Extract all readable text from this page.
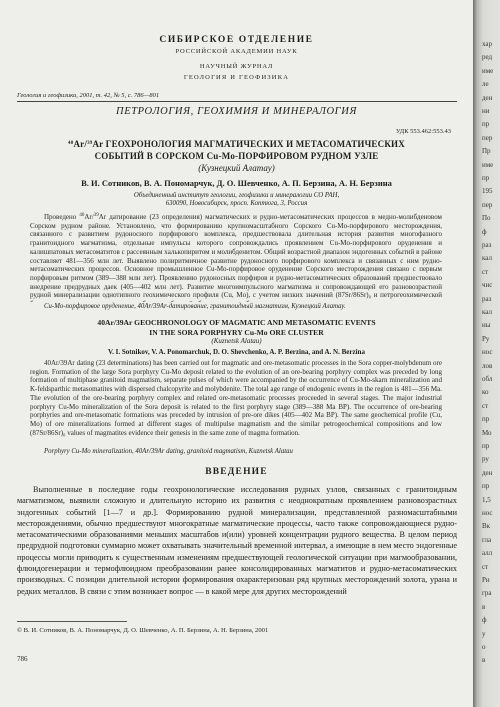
СИБИРСКОЕ ОТДЕЛЕНИЕ
РОССИЙСКОЙ АКАДЕМИИ НАУК
НАУЧНЫЙ ЖУРНАЛ
ГЕОЛОГИЯ И ГЕОФИЗИКА
Геология и геофизика, 2001, т. 42, № 5, с. 786—801
ПЕТРОЛОГИЯ, ГЕОХИМИЯ И МИНЕРАЛОГИЯ
УДК 553.462:553.43
$^{40}$Ar/$^{39}$Ar ГЕОХРОНОЛОГИЯ МАГМАТИЧЕСКИХ И МЕТАСОМАТИЧЕСКИХ
СОБЫТИЙ В СОРСКОМ Cu-Mo-ПОРФИРОВОМ РУДНОМ УЗЛЕ
(Кузнецкий Алатау)
В. И. Сотников, В. А. Пономарчук, Д. О. Шевченко, А. П. Берзина, А. Н. Берзина
Объединенный институт геологии, геофизики и минералогии СО РАН,
630090, Новосибирск, просп. Коптюга, 3, Россия

Проведено $^{40}$Ar/$^{39}$Ar датирование (23 определения) магматических и рудно-метасоматических процессов в медно-молибденовом Сорском рудном районе. Установлено, что формированию крупномасштабного Сорского Cu-Mo-порфирового месторождения, связанного с развитием рудоносного порфирового комплекса, предшествовала длительная история развития многофазного гранитоидного магматизма, отдельные импульсы которого сопровождались проявлением Cu-Mo-порфирового оруденения и калишпатовых метасоматитов с рассеянным халькопиритом и молибденитом. Общий возрастной диапазон эндогенных событий в районе составляет 481—356 млн лет. Выявлено полиритмичное развитие рудоносного порфирового комплекса и связанных с ним рудно-метасоматических процессов. Основное промышленное Cu-Mo-порфировое оруденение Сорского месторождения связано с первым порфировым ритмом (389—388 млн лет). Проявлению рудоносных порфиров и рудно-метасоматических образований предшествовало внедрение предрудных даек (405—402 млн лет). Развитие многоимпульсного магматизма и сопровождающей его разновозрастной рудной минерализации однотипного геохимического профиля (Cu, Mo), с учетом низких значений (87Sr/86Sr)₀ и петрогеохимической

Cu-Mo-порфировое оруденение, 40Ar/39Ar-датирование, гранитоидный магматизм, Кузнецкий Алатау.
40Ar/39Ar GEOCHRONOLOGY OF MAGMATIC AND METASOMATIC EVENTS
IN THE SORA PORPHYRY Cu-Mo ORE CLUSTER
(Kuznetsk Alatau)
V. I. Sotnikov, V. A. Ponomarchuk, D. O. Shevchenko, A. P. Berzina, and A. N. Berzina

40Ar/39Ar dating (23 determinations) has been carried out for magmatic and ore-metasomatic processes in the Sora copper-molybdenum ore region. Formation of the large Sora porphyry Cu-Mo deposit related to the evolution of an ore-bearing porphyry complex was preceded by long formation of multiphase granitoid magmatism, separate pulses of which were accompanied by the occurrence of Cu-Mo-skarn mineralization and K-feldsparthic metasomatites with dispersed chalcopyrite and molybdenite. The total age range of endogenic events in the region is 481—356 Ma. The evolution of the ore-bearing porphyry complex and related ore-metasomatic processes proceeded in several stages. The major industrial porphyry Cu-Mo mineralization of the Sora deposit is related to the first porphyry stage (389—388 Ma BP). The occurrence of ore-bearing porphyries and ore-metasomatic formations was preceded by intrusion of pre-ore dikes (405—402 Ma BP). The same geochemical profile (Cu, Mo) of ore mineralizations formed at different stages of multipulse magmatism and the similar petrogeochemical compositions and low (87Sr/86Sr)₀ values of magmatites evidence their genesis in the same zone of magma formation.

Porphyry Cu-Mo mineralization, 40Ar/39Ar dating, granitoid magmatism, Kuznetsk Alatau
ВВЕДЕНИЕ

Выполненные в последние годы геохронологические исследования рудных узлов, связанных с гранитоидным магматизмом, выявили сложную и длительную историю их развития с неоднократным проявлением разновозрастных эндогенных событий [1—7 и др.]. Формированию рудной минерализации, представленной разномасштабными месторождениями, обычно предшествуют многократные магматические процессы, часто также сопровождающиеся рудно-метасоматическими образованиями меньших масштабов и(или) уровней концентрации рудного вещества. В целом период предрудной подготовки суммарно может охватывать значительный временной интервал, а имеющие в нем место эндогенные процессы могли приводить к существенным изменениям предшествующей геологической ситуации при магмообразовании, флюидогенерации и термофлюидном преобразовании ранее консолидированных магматитов и рудно-метасоматических производных. С позиции длительной истории формирования охарактеризован ряд крупных месторождений золота, урана и редких металлов. В связи с этим возникает вопрос — в какой мере для других месторождений

© В. И. Сотников, В. А. Пономарчук, Д. О. Шевченко, А. П. Берзина, А. Н. Берзина, 2001
786
хар
ред
име
ле
ден
ни
пр
пер
Пр
име
пр
195
пер
По
ф
раз
кал
ст
чис
раз
кал
ны
Ру
нос
лов
обл
ко
ст
пр
Мо
пр
ру
ден
пр
1,5
нос
Вк
гла
алл
ст
Ри
гра
в
ф
у
о
в
